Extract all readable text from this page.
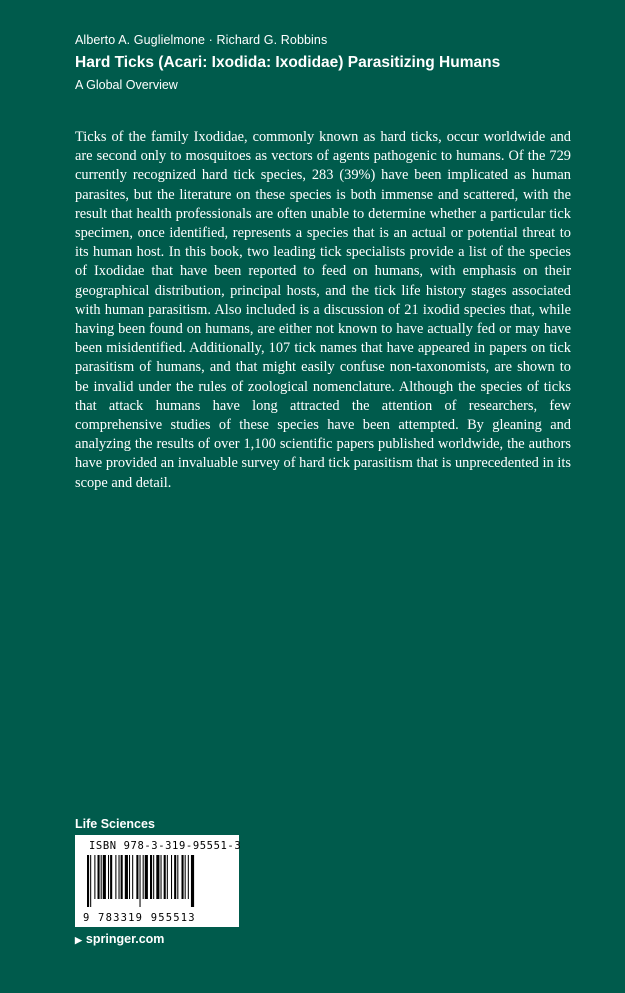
Alberto A. Guglielmone · Richard G. Robbins
Hard Ticks (Acari: Ixodida: Ixodidae) Parasitizing Humans
A Global Overview

Ticks of the family Ixodidae, commonly known as hard ticks, occur worldwide and are second only to mosquitoes as vectors of agents pathogenic to humans. Of the 729 currently recognized hard tick species, 283 (39%) have been implicated as human parasites, but the literature on these species is both immense and scattered, with the result that health professionals are often unable to determine whether a particular tick specimen, once identified, represents a species that is an actual or potential threat to its human host. In this book, two leading tick specialists provide a list of the species of Ixodidae that have been reported to feed on humans, with emphasis on their geographical distribution, principal hosts, and the tick life history stages associated with human parasitism. Also included is a discussion of 21 ixodid species that, while having been found on humans, are either not known to have actually fed or may have been misidentified. Additionally, 107 tick names that have appeared in papers on tick parasitism of humans, and that might easily confuse non-taxonomists, are shown to be invalid under the rules of zoological nomenclature. Although the species of ticks that attack humans have long attracted the attention of researchers, few comprehensive studies of these species have been attempted. By gleaning and analyzing the results of over 1,100 scientific papers published worldwide, the authors have provided an invaluable survey of hard tick parasitism that is unprecedented in its scope and detail.

Life Sciences
ISBN 978-3-319-95551-3
9 783319 955513
▶ springer.com
